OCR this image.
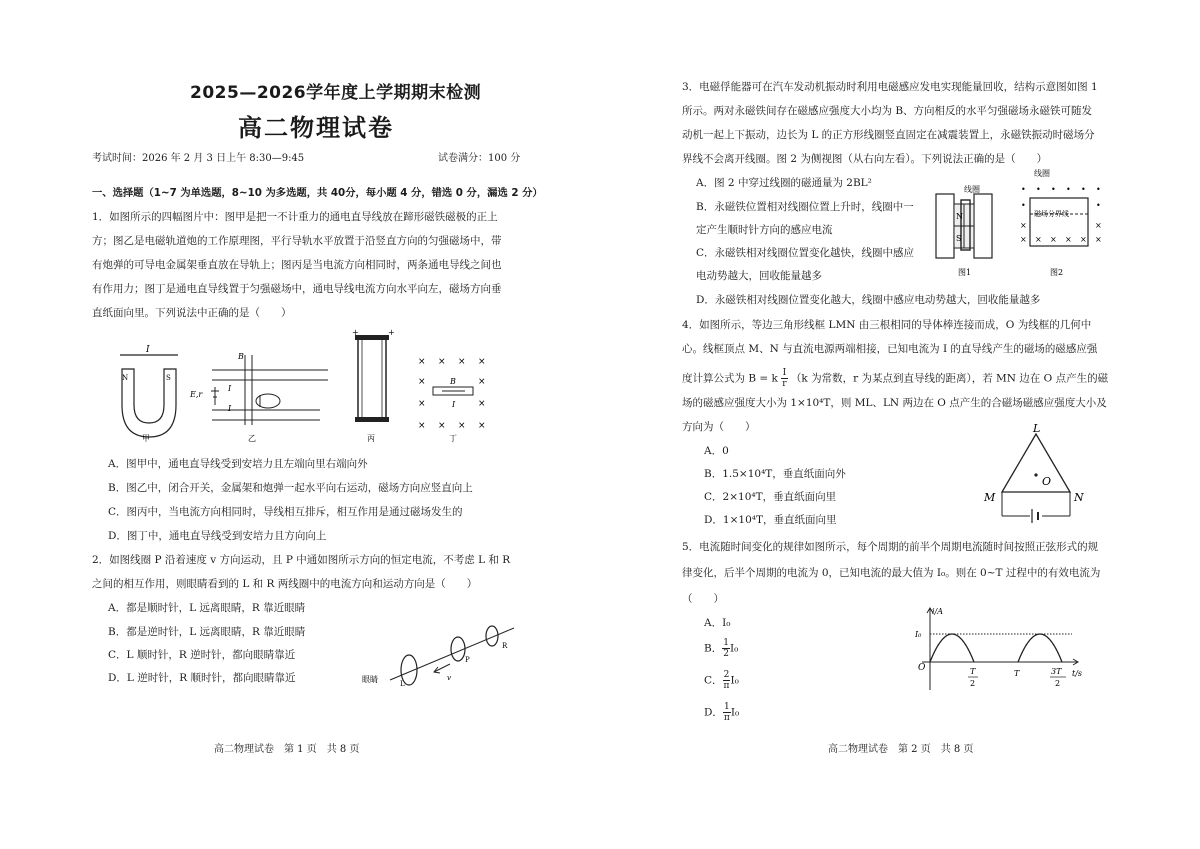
2025—2026学年度上学期期末检测
高二物理试卷
考试时间：2026 年 2 月 3 日上午 8:30—9:45	试卷满分：100 分
一、选择题（1~7 为单选题，8~10 为多选题，共 40分，每小题 4 分，错选 0 分，漏选 2 分）
1．如图所示的四幅图片中：图甲是把一不计重力的通电直导线放在蹄形磁铁磁极的正上
方；图乙是电磁轨道炮的工作原理图，平行导轨水平放置于沿竖直方向的匀强磁场中，带
有炮弹的可导电金属架垂直放在导轨上；图丙是当电流方向相同时，两条通电导线之间也
有作用力；图丁是通电直导线置于匀强磁场中，通电导线电流方向水平向左，磁场方向垂
直纸面向里。下列说法中正确的是（　　）
I
N	S
甲
B
E,r
I
I
乙
+	+
丙
× × × ×
×	×
×	×
× × × ×
B
I
丁
A．图甲中，通电直导线受到安培力且左端向里右端向外
B．图乙中，闭合开关，金属架和炮弹一起水平向右运动，磁场方向应竖直向上
C．图丙中，当电流方向相同时，导线相互排斥，相互作用是通过磁场发生的
D．图丁中，通电直导线受到安培力且方向向上
2．如图线圈 P 沿着速度 v 方向运动，且 P 中通如图所示方向的恒定电流，不考虑 L 和 R
之间的相互作用，则眼睛看到的 L 和 R 两线圈中的电流方向和运动方向是（　　）
A．都是顺时针，L 远离眼睛，R 靠近眼睛
B．都是逆时针，L 远离眼睛，R 靠近眼睛
C．L 顺时针，R 逆时针，都向眼睛靠近
D．L 逆时针，R 顺时针，都向眼睛靠近	眼睛	L
P
R
v
高二物理试卷　第 1 页　共 8 页
3．电磁俘能器可在汽车发动机振动时利用电磁感应发电实现能量回收，结构示意图如图 1
所示。两对永磁铁间存在磁感应强度大小均为 B、方向相反的水平匀强磁场永磁铁可随发
动机一起上下振动，边长为 L 的正方形线圈竖直固定在减震装置上，永磁铁振动时磁场分
界线不会离开线圈。图 2 为侧视图（从右向左看）。下列说法正确的是（　　）
A．图 2 中穿过线圈的磁通量为 2BL²
B．永磁铁位置相对线圈位置上升时，线圈中一
定产生顺时针方向的感应电流
C．永磁铁相对线圈位置变化越快，线圈中感应
电动势越大，回收能量越多
D．永磁铁相对线圈位置变化越大，线圈中感应电动势越大，回收能量越多
N
S
线圈
图1
线圈
• • • • • •
•	•
×	×
× × × × × ×
磁场分界线
图2
4．如图所示，等边三角形线框 LMN 由三根相同的导体棒连接而成，O 为线框的几何中
心。线框顶点 M、N 与直流电源两端相接，已知电流为 I 的直导线产生的磁场的磁感应强
度计算公式为 B = k $\frac{I}{r} (k$ 为常数，r 为某点到直导线的距离），若 MN 边在 O 点产生的磁
场的磁感应强度大小为 1×10⁴T，则 ML、LN 两边在 O 点产生的合磁场磁感应强度大小及
方向为（　　）
A．0
B．1.5×10⁴T，垂直纸面向外
C．2×10⁴T，垂直纸面向里
D．1×10⁴T，垂直纸面向里
L
M	N
O
5．电流随时间变化的规律如图所示，每个周期的前半个周期电流随时间按照正弦形式的规
律变化，后半个周期的电流为 0，已知电流的最大值为 I₀。则在 0~T 过程中的有效电流为
（　　）
A．I₀
B． $\frac{1}{2} I_0$
C． $\frac{2}{\pi} I_0$
D． $\frac{1}{\pi} I_0$
i/A
t/s
I₀
O	T
2
T	3T
2
高二物理试卷　第 2 页　共 8 页
